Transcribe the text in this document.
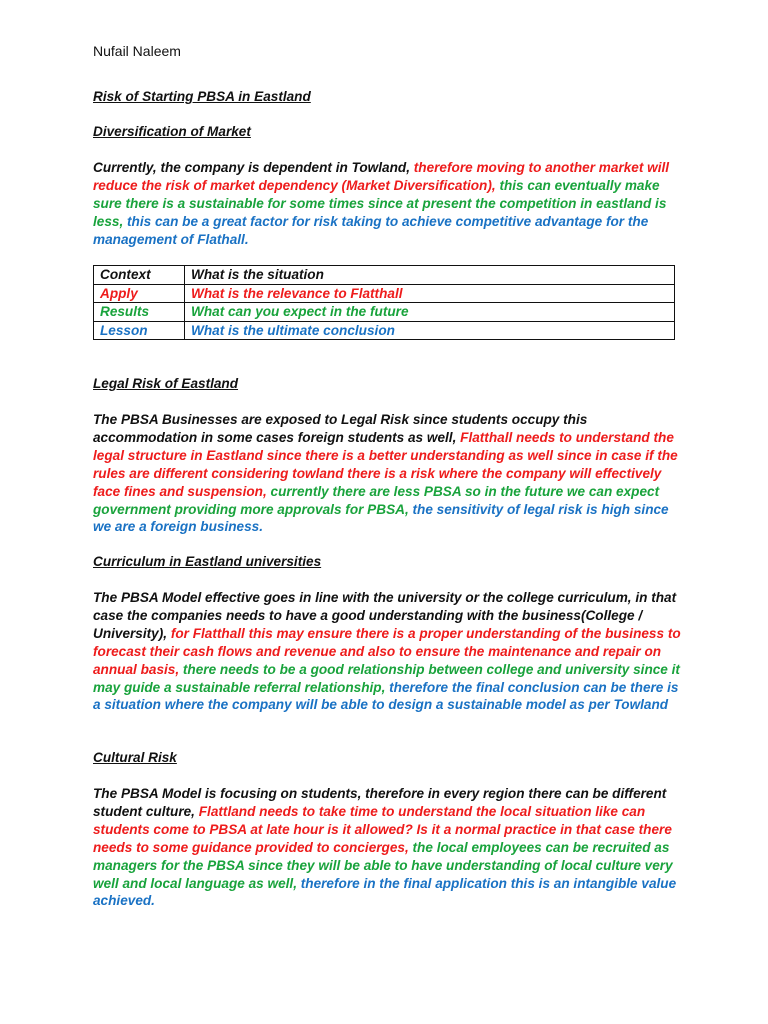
Nufail Naleem
Risk of Starting PBSA in Eastland
Diversification of Market
Currently, the company is dependent in Towland, therefore moving to another market will reduce the risk of market dependency (Market Diversification), this can eventually make sure there is a sustainable for some times since at present the competition in eastland is less, this can be a great factor for risk taking to achieve competitive advantage for the management of Flathall.
Context	What is the situation
Apply	What is the relevance to Flatthall
Results	What can you expect in the future
Lesson	What is the ultimate conclusion
Legal Risk of Eastland
The PBSA Businesses are exposed to Legal Risk since students occupy this accommodation in some cases foreign students as well, Flatthall needs to understand the legal structure in Eastland since there is a better understanding as well since in case if the rules are different considering towland there is a risk where the company will effectively face fines and suspension, currently there are less PBSA so in the future we can expect government providing more approvals for PBSA, the sensitivity of legal risk is high since we are a foreign business.
Curriculum in Eastland universities
The PBSA Model effective goes in line with the university or the college curriculum, in that case the companies needs to have a good understanding with the business(College / University), for Flatthall this may ensure there is a proper understanding of the business to forecast their cash flows and revenue and also to ensure the maintenance and repair on annual basis, there needs to be a good relationship between college and university since it may guide a sustainable referral relationship, therefore the final conclusion can be there is a situation where the company will be able to design a sustainable model as per Towland
Cultural Risk
The PBSA Model is focusing on students, therefore in every region there can be different student culture, Flattland needs to take time to understand the local situation like can students come to PBSA at late hour is it allowed? Is it a normal practice in that case there needs to some guidance provided to concierges, the local employees can be recruited as managers for the PBSA since they will be able to have understanding of local culture very well and local language as well, therefore in the final application this is an intangible value achieved.
